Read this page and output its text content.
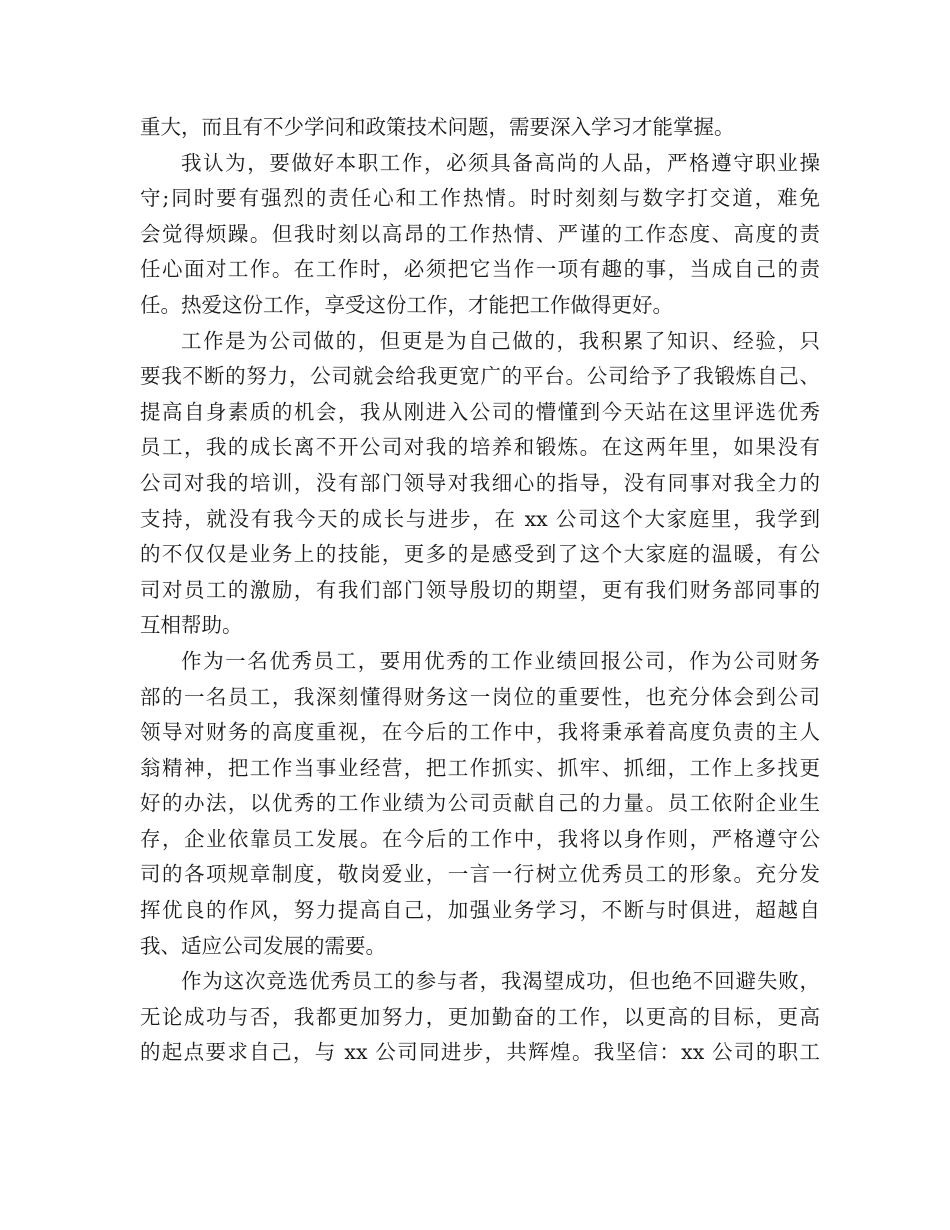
重大，而且有不少学问和政策技术问题，需要深入学习才能掌握。
我认为，要做好本职工作，必须具备高尚的人品，严格遵守职业操
守;同时要有强烈的责任心和工作热情。时时刻刻与数字打交道，难免
会觉得烦躁。但我时刻以高昂的工作热情、严谨的工作态度、高度的责
任心面对工作。在工作时，必须把它当作一项有趣的事，当成自己的责
任。热爱这份工作，享受这份工作，才能把工作做得更好。
工作是为公司做的，但更是为自己做的，我积累了知识、经验，只
要我不断的努力，公司就会给我更宽广的平台。公司给予了我锻炼自己、
提高自身素质的机会，我从刚进入公司的懵懂到今天站在这里评选优秀
员工，我的成长离不开公司对我的培养和锻炼。在这两年里，如果没有
公司对我的培训，没有部门领导对我细心的指导，没有同事对我全力的
支持，就没有我今天的成长与进步，在 xx 公司这个大家庭里，我学到
的不仅仅是业务上的技能，更多的是感受到了这个大家庭的温暖，有公
司对员工的激励，有我们部门领导殷切的期望，更有我们财务部同事的
互相帮助。
作为一名优秀员工，要用优秀的工作业绩回报公司，作为公司财务
部的一名员工，我深刻懂得财务这一岗位的重要性，也充分体会到公司
领导对财务的高度重视，在今后的工作中，我将秉承着高度负责的主人
翁精神，把工作当事业经营，把工作抓实、抓牢、抓细，工作上多找更
好的办法，以优秀的工作业绩为公司贡献自己的力量。员工依附企业生
存，企业依靠员工发展。在今后的工作中，我将以身作则，严格遵守公
司的各项规章制度，敬岗爱业，一言一行树立优秀员工的形象。充分发
挥优良的作风，努力提高自己，加强业务学习，不断与时俱进，超越自
我、适应公司发展的需要。
作为这次竞选优秀员工的参与者，我渴望成功，但也绝不回避失败，
无论成功与否，我都更加努力，更加勤奋的工作，以更高的目标，更高
的起点要求自己，与 xx 公司同进步，共辉煌。我坚信：xx 公司的职工
